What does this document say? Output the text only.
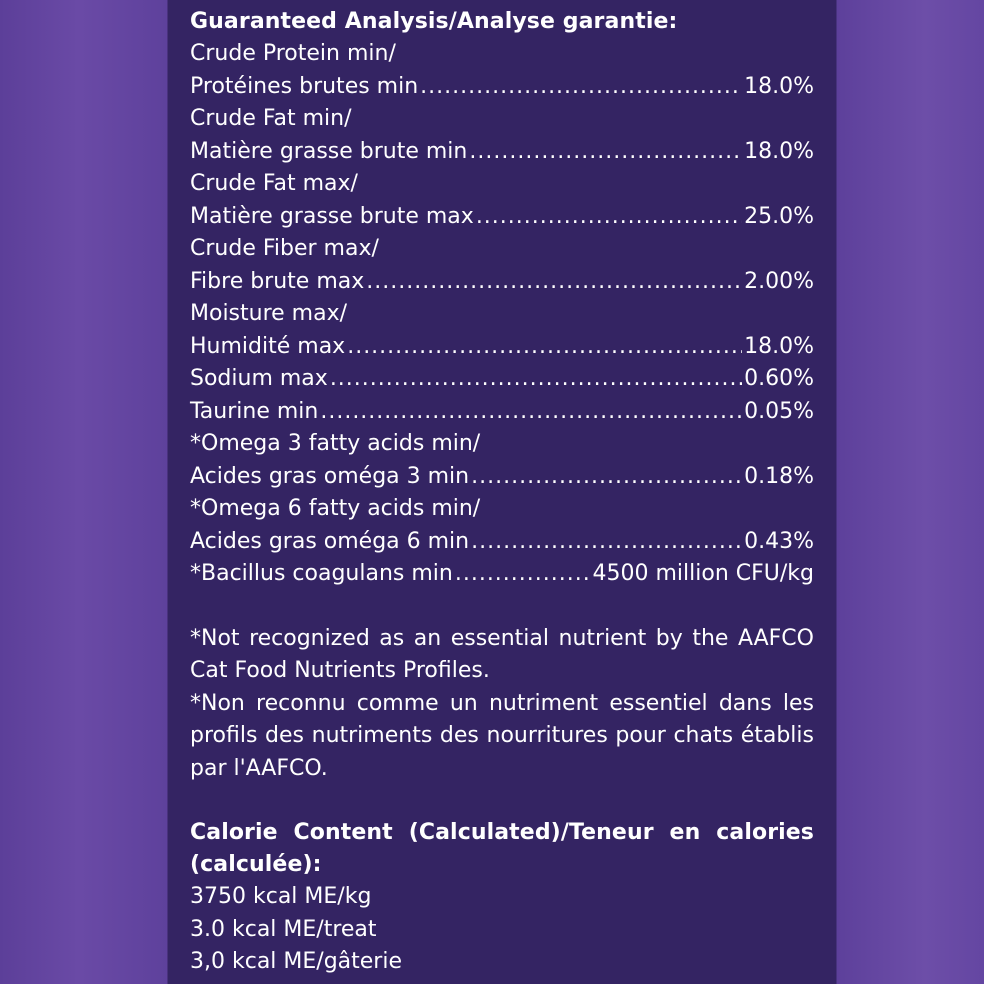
Guaranteed Analysis/Analyse garantie:
Crude Protein min/
Protéines brutes min .....	18.0%
Crude Fat min/
Matière grasse brute min .....	18.0%
Crude Fat max/
Matière grasse brute max .....	25.0%
Crude Fiber max/
Fibre brute max .....	2.00%
Moisture max/
Humidité max .....	18.0%
Sodium max .....	0.60%
Taurine min .....	0.05%
*Omega 3 fatty acids min/
Acides gras oméga 3 min .....	0.18%
*Omega 6 fatty acids min/
Acides gras oméga 6 min .....	0.43%
*Bacillus coagulans min .....	4500 million CFU/kg
*Not recognized as an essential nutrient by the AAFCO Cat Food Nutrients Profiles.
*Non reconnu comme un nutriment essentiel dans les profils des nutriments des nourritures pour chats établis par l'AAFCO.
Calorie Content (Calculated)/Teneur en calories
(calculée):
3750 kcal ME/kg
3.0 kcal ME/treat
3,0 kcal ME/gâterie
